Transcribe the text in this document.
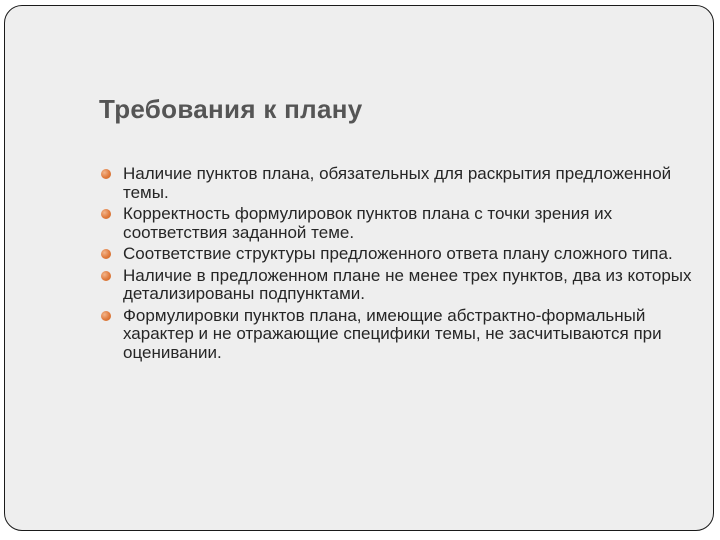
Требования к плану
Наличие пунктов плана, обязательных для раскрытия предложенной темы.
Корректность формулировок пунктов плана с точки зрения их соответствия заданной теме.
Соответствие структуры предложенного ответа плану сложного типа.
Наличие в предложенном плане не менее трех пунктов, два из которых детализированы подпунктами.
Формулировки пунктов плана, имеющие абстрактно-формальный характер и не отражающие специфики темы, не засчитываются при оценивании.
